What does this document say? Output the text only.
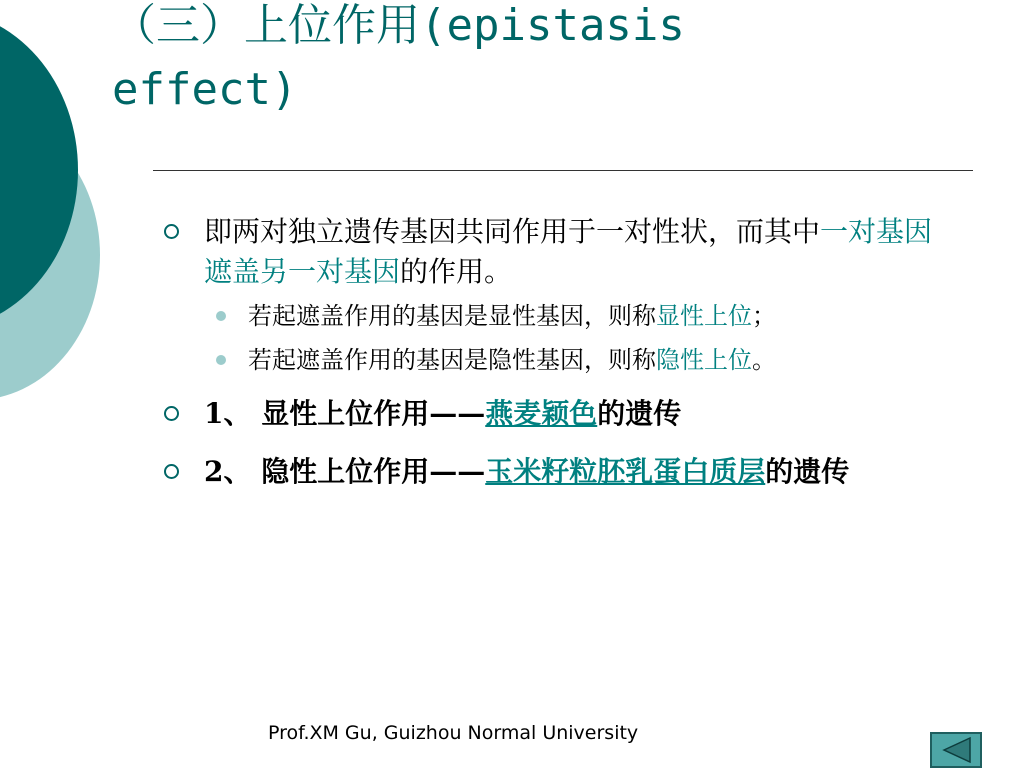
（三）上位作用(epistasis effect)
即两对独立遗传基因共同作用于一对性状，而其中一对基因遮盖另一对基因的作用。
若起遮盖作用的基因是显性基因，则称显性上位；
若起遮盖作用的基因是隐性基因，则称隐性上位。
1、 显性上位作用——燕麦颖色的遗传
2、 隐性上位作用——玉米籽粒胚乳蛋白质层的遗传
Prof.XM Gu, Guizhou Normal University
